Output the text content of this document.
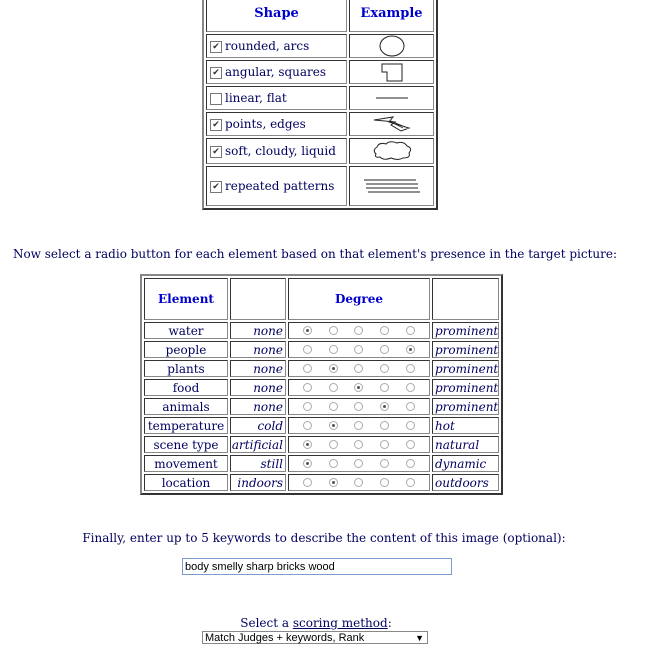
Shape	Example
✔ rounded, arcs	

✔ angular, squares	

linear, flat	

✔ points, edges	

✔ soft, cloudy, liquid	

✔ repeated patterns	
Now select a radio button for each element based on that element's presence in the target picture:
Element		Degree	
water	none		prominent
people	none		prominent
plants	none		prominent
food	none		prominent
animals	none		prominent
temperature	cold		hot
scene type	artificial		natural
movement	still		dynamic
location	indoors		outdoors
Finally, enter up to 5 keywords to describe the content of this image (optional):
body smelly sharp bricks wood
Select a scoring method:
Match Judges + keywords, Rank	▼
